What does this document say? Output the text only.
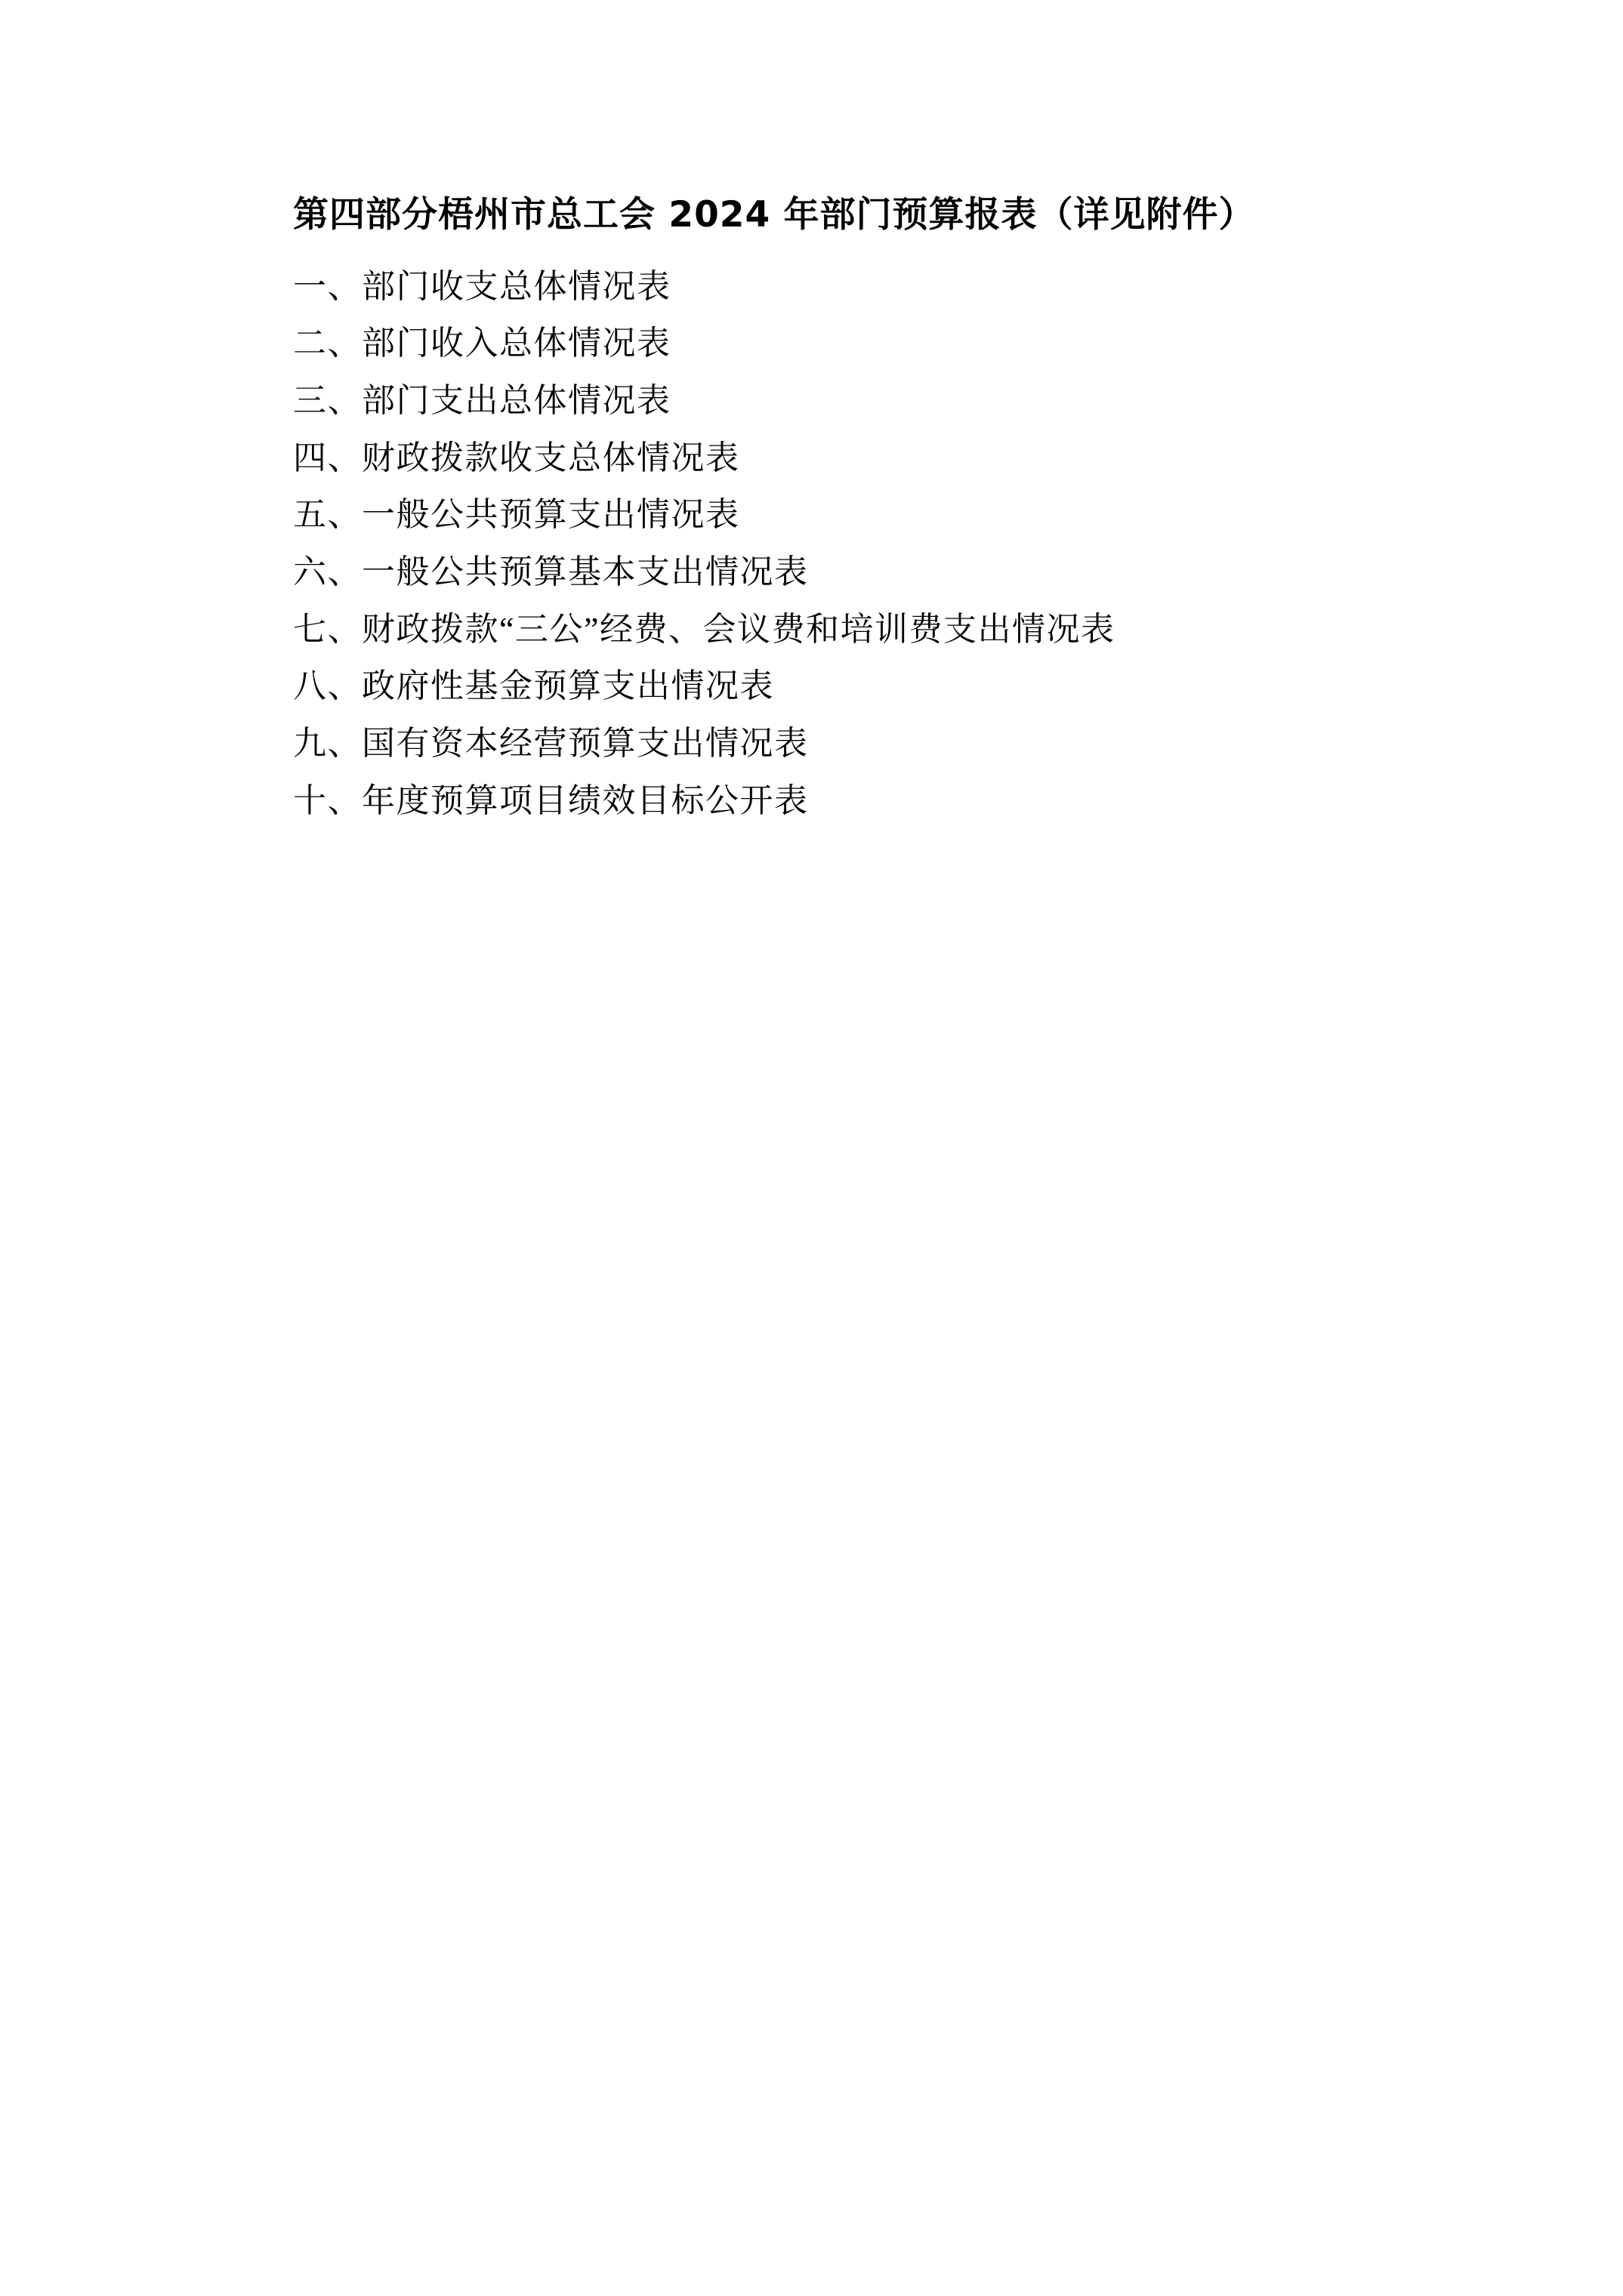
第四部分梧州市总工会 2024 年部门预算报表（详见附件）
一、部门收支总体情况表
二、部门收入总体情况表
三、部门支出总体情况表
四、财政拨款收支总体情况表
五、一般公共预算支出情况表
六、一般公共预算基本支出情况表
七、财政拨款“三公”经费、会议费和培训费支出情况表
八、政府性基金预算支出情况表
九、国有资本经营预算支出情况表
十、年度预算项目绩效目标公开表
